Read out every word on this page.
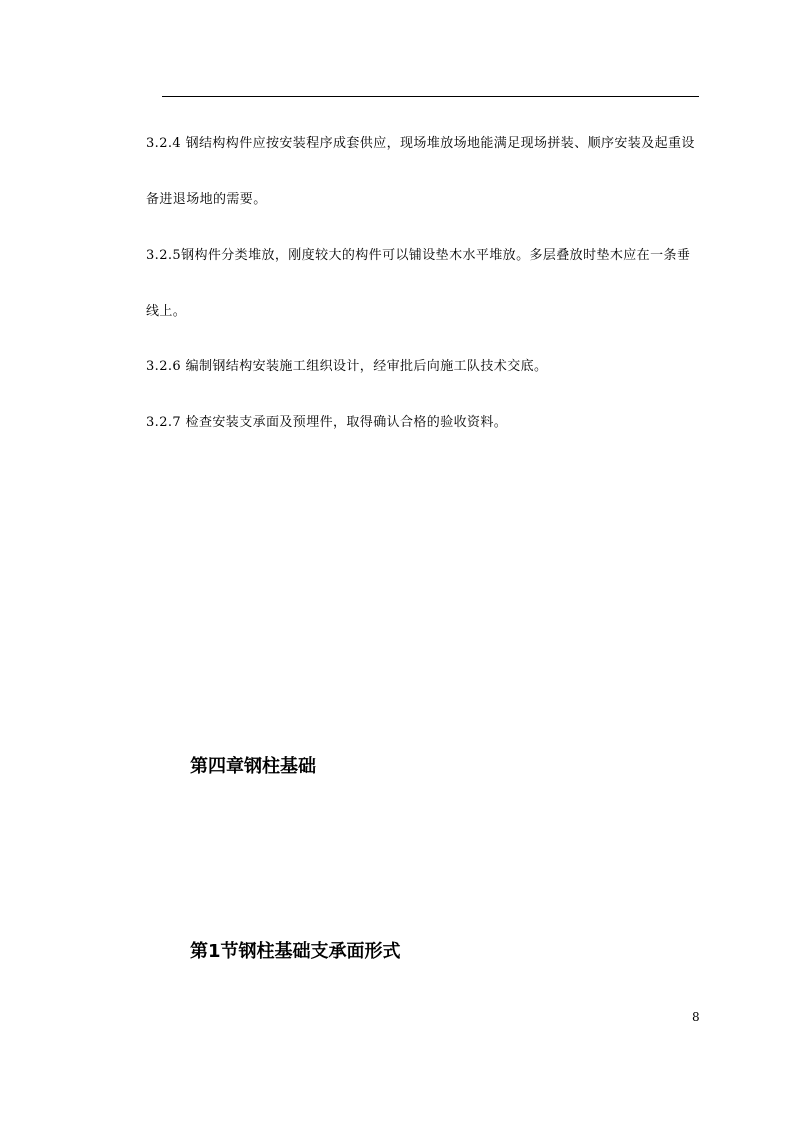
3.2.4 钢结构构件应按安装程序成套供应，现场堆放场地能满足现场拼装、顺序安装及起重设
备进退场地的需要。
3.2.5钢构件分类堆放，刚度较大的构件可以铺设垫木水平堆放。多层叠放时垫木应在一条垂
线上。
3.2.6 编制钢结构安装施工组织设计，经审批后向施工队技术交底。
3.2.7 检查安装支承面及预埋件，取得确认合格的验收资料。
第四章钢柱基础
第1节钢柱基础支承面形式
8
